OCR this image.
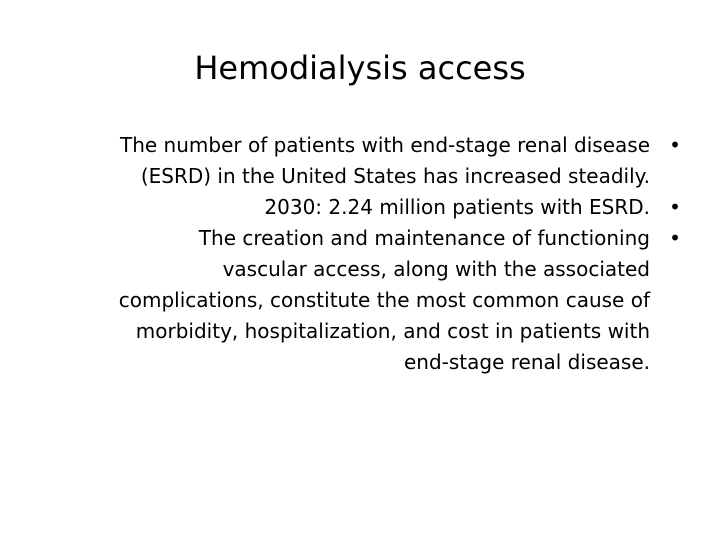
Hemodialysis access
•
The number of patients with end-stage renal disease
(ESRD) in the United States has increased steadily.
•
2030: 2.24 million patients with ESRD.
•
The creation and maintenance of functioning
vascular access, along with the associated
complications, constitute the most common cause of
morbidity, hospitalization, and cost in patients with
end-stage renal disease.
